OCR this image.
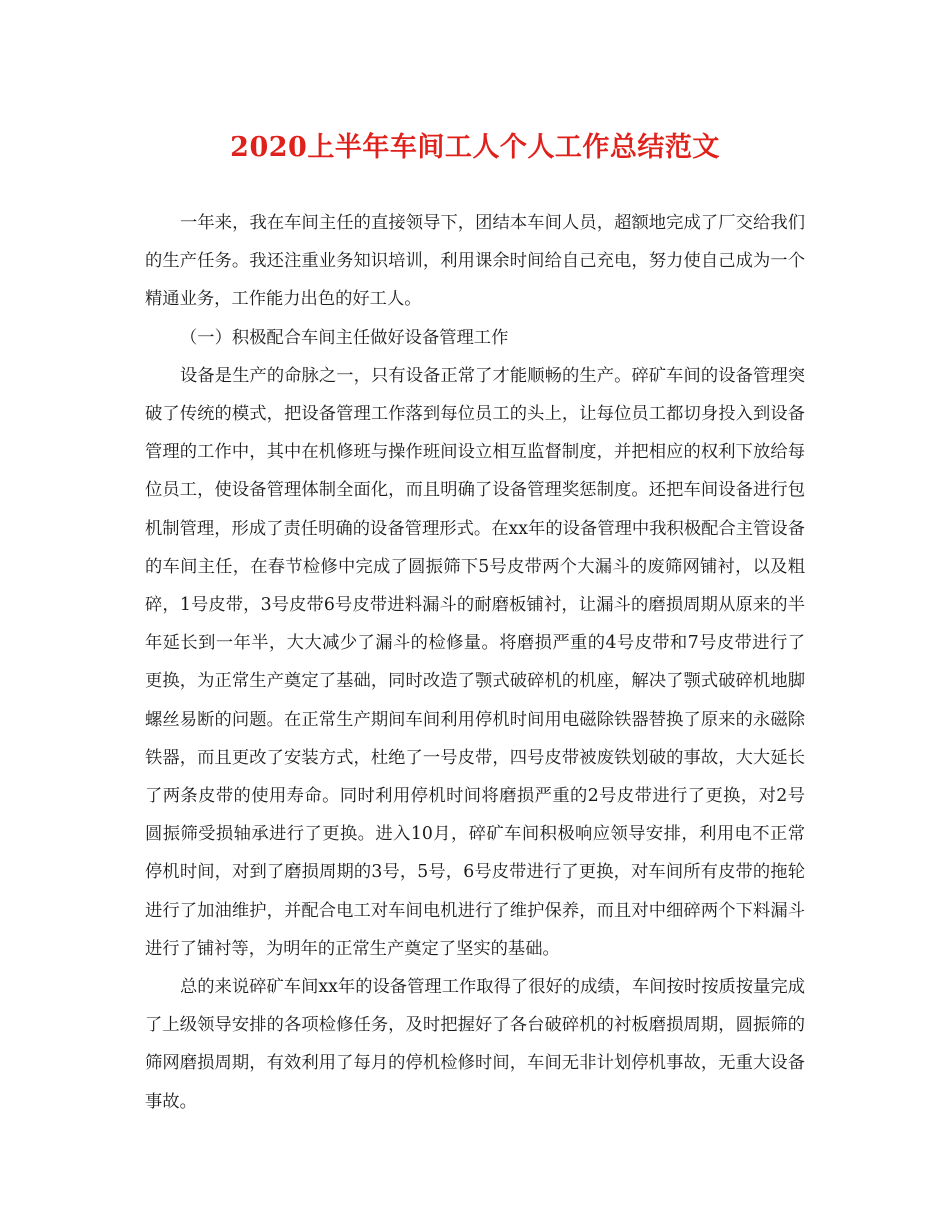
2020上半年车间工人个人工作总结范文

一年来，我在车间主任的直接领导下，团结本车间人员，超额地完成了厂交给我们的生产任务。我还注重业务知识培训，利用课余时间给自己充电，努力使自己成为一个精通业务，工作能力出色的好工人。

（一）积极配合车间主任做好设备管理工作

设备是生产的命脉之一，只有设备正常了才能顺畅的生产。碎矿车间的设备管理突破了传统的模式，把设备管理工作落到每位员工的头上，让每位员工都切身投入到设备管理的工作中，其中在机修班与操作班间设立相互监督制度，并把相应的权利下放给每位员工，使设备管理体制全面化，而且明确了设备管理奖惩制度。还把车间设备进行包机制管理，形成了责任明确的设备管理形式。在xx年的设备管理中我积极配合主管设备的车间主任，在春节检修中完成了圆振筛下5号皮带两个大漏斗的废筛网铺衬，以及粗碎，1号皮带，3号皮带6号皮带进料漏斗的耐磨板铺衬，让漏斗的磨损周期从原来的半年延长到一年半，大大减少了漏斗的检修量。将磨损严重的4号皮带和7号皮带进行了更换，为正常生产奠定了基础，同时改造了颚式破碎机的机座，解决了颚式破碎机地脚螺丝易断的问题。在正常生产期间车间利用停机时间用电磁除铁器替换了原来的永磁除铁器，而且更改了安装方式，杜绝了一号皮带，四号皮带被废铁划破的事故，大大延长了两条皮带的使用寿命。同时利用停机时间将磨损严重的2号皮带进行了更换，对2号圆振筛受损轴承进行了更换。进入10月，碎矿车间积极响应领导安排，利用电不正常停机时间，对到了磨损周期的3号，5号，6号皮带进行了更换，对车间所有皮带的拖轮进行了加油维护，并配合电工对车间电机进行了维护保养，而且对中细碎两个下料漏斗进行了铺衬等，为明年的正常生产奠定了坚实的基础。

总的来说碎矿车间xx年的设备管理工作取得了很好的成绩，车间按时按质按量完成了上级领导安排的各项检修任务，及时把握好了各台破碎机的衬板磨损周期，圆振筛的筛网磨损周期，有效利用了每月的停机检修时间，车间无非计划停机事故，无重大设备事故。
